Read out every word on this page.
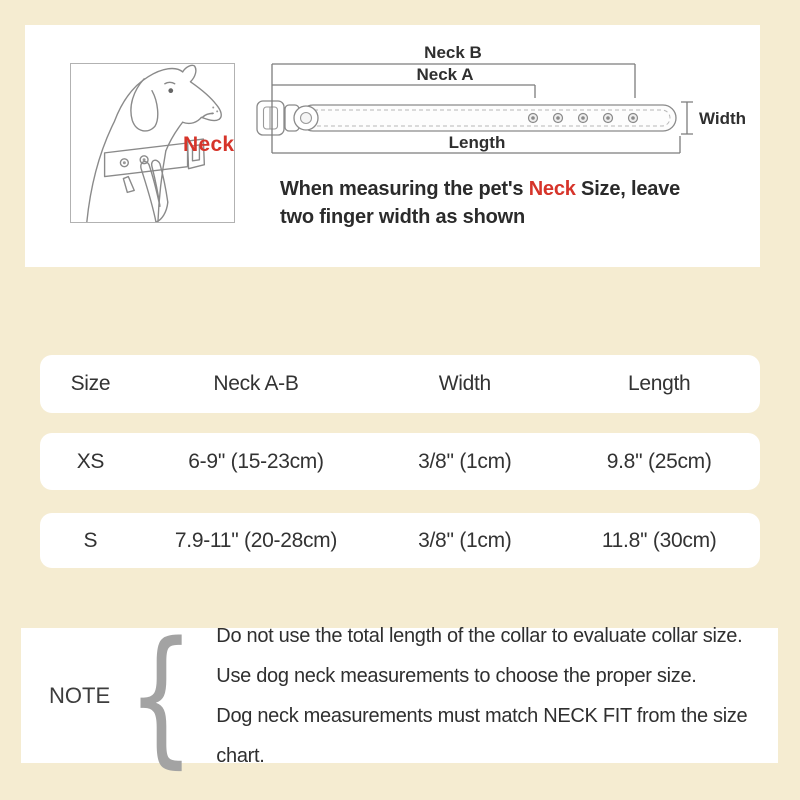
Neck
Neck B
Neck A
Length
Width
When measuring the pet's Neck Size, leave
two finger width as shown
Size	Neck A-B	Width	Length
XS	6-9'' (15-23cm)	3/8'' (1cm)	9.8'' (25cm)
S	7.9-11'' (20-28cm)	3/8'' (1cm)	11.8'' (30cm)
NOTE { Do not use the total length of the collar to evaluate collar size.
Use dog neck measurements to choose the proper size.
Dog neck measurements must match NECK FIT from the size chart.
